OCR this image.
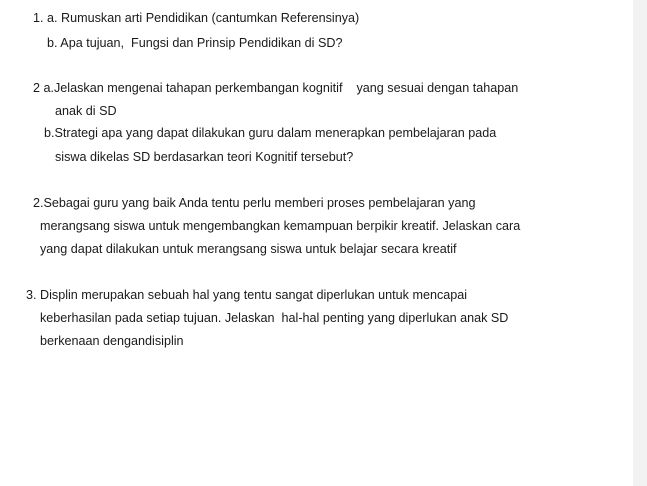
1. a. Rumuskan arti Pendidikan (cantumkan Referensinya)
b. Apa tujuan,  Fungsi dan Prinsip Pendidikan di SD?
2 a.Jelaskan mengenai tahapan perkembangan kognitif    yang sesuai dengan tahapan
anak di SD
b.Strategi apa yang dapat dilakukan guru dalam menerapkan pembelajaran pada
siswa dikelas SD berdasarkan teori Kognitif tersebut?
2.Sebagai guru yang baik Anda tentu perlu memberi proses pembelajaran yang
merangsang siswa untuk mengembangkan kemampuan berpikir kreatif. Jelaskan cara
yang dapat dilakukan untuk merangsang siswa untuk belajar secara kreatif
3. Displin merupakan sebuah hal yang tentu sangat diperlukan untuk mencapai
keberhasilan pada setiap tujuan. Jelaskan  hal-hal penting yang diperlukan anak SD
berkenaan dengandisiplin
